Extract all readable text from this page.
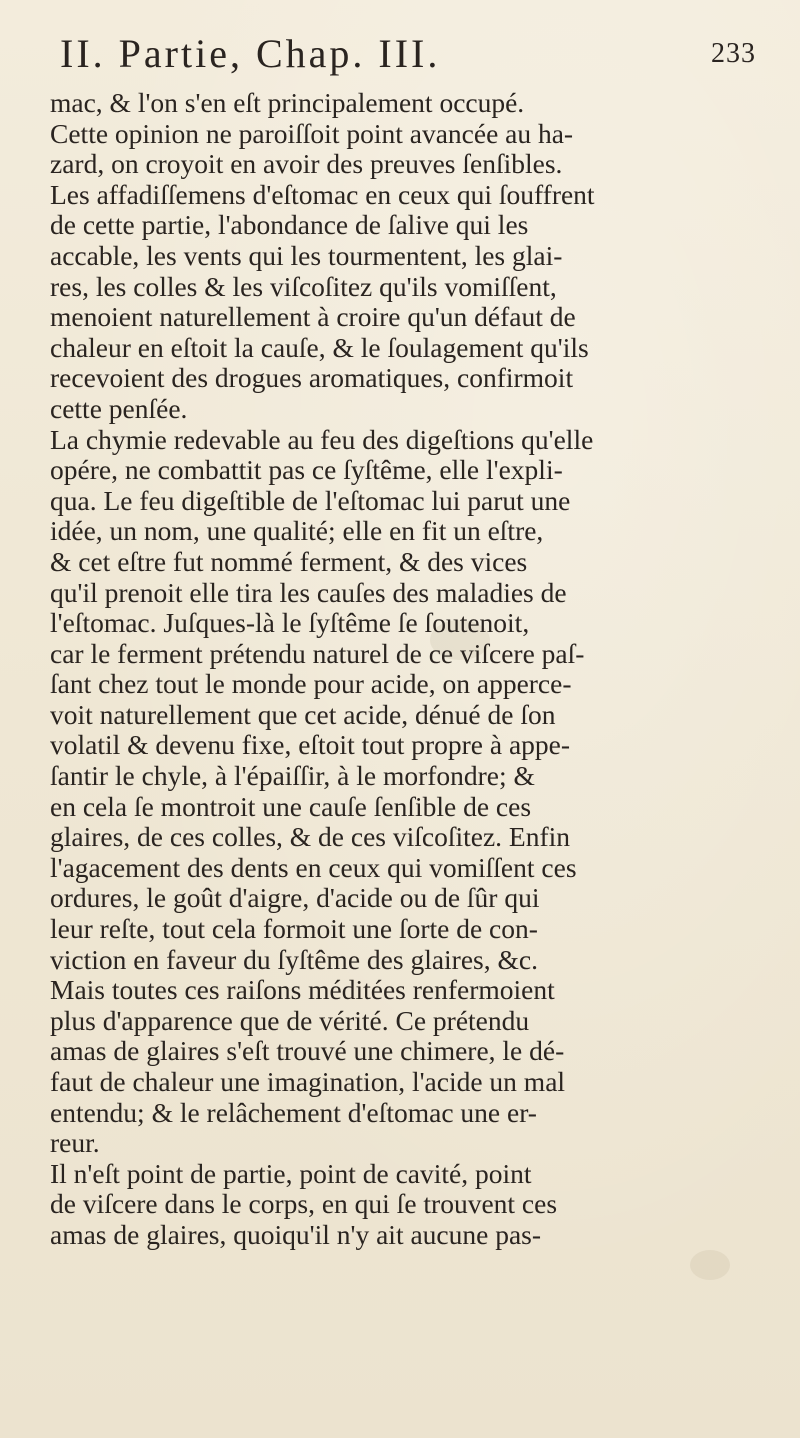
II. Partie, Chap. III.	233
mac, & l'on s'en eſt principalement occupé.
Cette opinion ne paroiſſoit point avancée au ha-
zard, on croyoit en avoir des preuves ſenſibles.
Les affadiſſemens d'eſtomac en ceux qui ſouffrent
de cette partie, l'abondance de ſalive qui les
accable, les vents qui les tourmentent, les glai-
res, les colles & les viſcoſitez qu'ils vomiſſent,
menoient naturellement à croire qu'un défaut de
chaleur en eſtoit la cauſe, & le ſoulagement qu'ils
recevoient des drogues aromatiques, confirmoit
cette penſée.
La chymie redevable au feu des digeſtions qu'elle
opére, ne combattit pas ce ſyſtême, elle l'expli-
qua. Le feu digeſtible de l'eſtomac lui parut une
idée, un nom, une qualité; elle en fit un eſtre,
& cet eſtre fut nommé ferment, & des vices
qu'il prenoit elle tira les cauſes des maladies de
l'eſtomac. Juſques-là le ſyſtême ſe ſoutenoit,
car le ferment prétendu naturel de ce viſcere paſ-
ſant chez tout le monde pour acide, on apperce-
voit naturellement que cet acide, dénué de ſon
volatil & devenu fixe, eſtoit tout propre à appe-
ſantir le chyle, à l'épaiſſir, à le morfondre; &
en cela ſe montroit une cauſe ſenſible de ces
glaires, de ces colles, & de ces viſcoſitez. Enfin
l'agacement des dents en ceux qui vomiſſent ces
ordures, le goût d'aigre, d'acide ou de ſûr qui
leur reſte, tout cela formoit une ſorte de con-
viction en faveur du ſyſtême des glaires, &c.
Mais toutes ces raiſons méditées renfermoient
plus d'apparence que de vérité. Ce prétendu
amas de glaires s'eſt trouvé une chimere, le dé-
faut de chaleur une imagination, l'acide un mal
entendu; & le relâchement d'eſtomac une er-
reur.
Il n'eſt point de partie, point de cavité, point
de viſcere dans le corps, en qui ſe trouvent ces
amas de glaires, quoiqu'il n'y ait aucune pas-
